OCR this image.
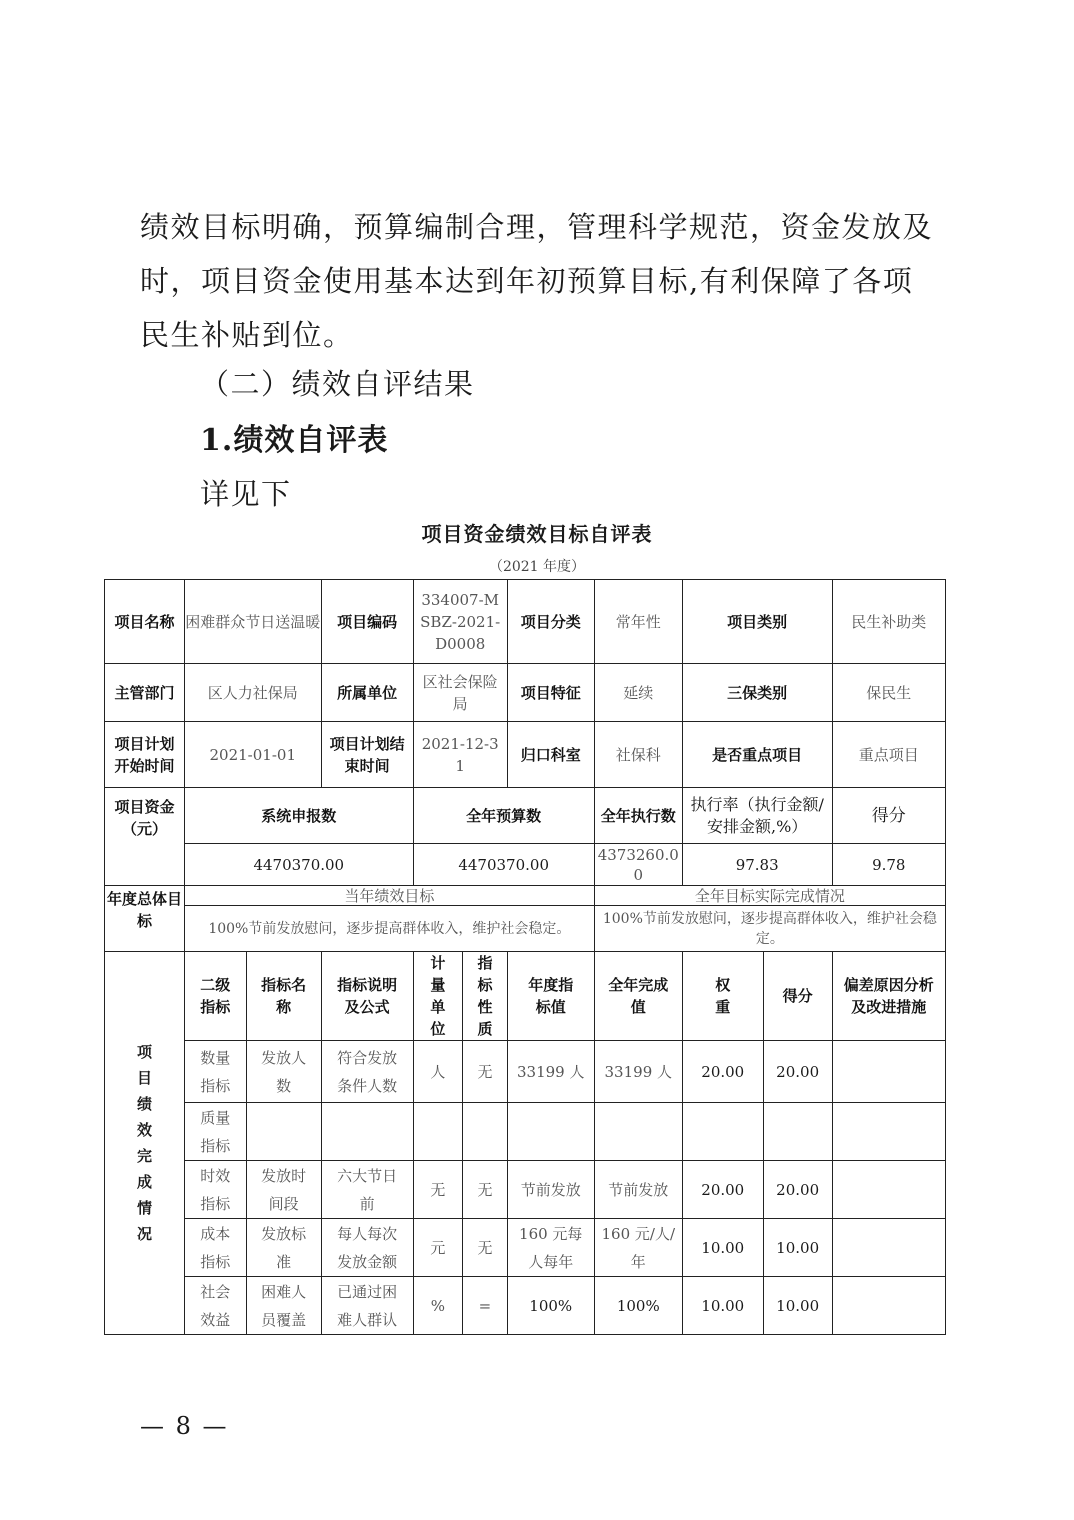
绩效目标明确，预算编制合理，管理科学规范，资金发放及时，项目资金使用基本达到年初预算目标,有利保障了各项民生补贴到位。
（二）绩效自评结果
1.绩效自评表
详见下
项目资金绩效目标自评表
（2021 年度）
项目名称	困难群众节日送温暖		项目编码	334007-MSBZ-2021-D0008		项目分类	常年性	项目类别		民生补助类
主管部门	区人力社保局		所属单位	区社会保险局		项目特征	延续	三保类别		保民生
项目计划开始时间	2021-01-01		项目计划结束时间	2021-12-31		归口科室	社保科	是否重点项目		重点项目
项目资金（元）	系统申报数			全年预算数			全年执行数	执行率（执行金额/安排金额,%）		得分
	4470370.00			4470370.00			4373260.00	97.83		9.78
年度总体目标	当年绩效目标						全年目标实际完成情况			
	100%节前发放慰问，逐步提高群体收入，维护社会稳定。						100%节前发放慰问，逐步提高群体收入，维护社会稳定。			

项目绩效完成情况	二级指标	指标名称	指标说明及公式	计量单位	指标性质	年度指标值	全年完成值	权重	得分	偏差原因分析及改进措施
	数量指标	发放人数	符合发放条件人数	人	无	33199 人	33199 人	20.00	20.00	
	质量指标									
	时效指标	发放时间段	六大节日前	无	无	节前发放	节前发放	20.00	20.00	
	成本指标	发放标准	每人每次发放金额	元	无	160 元每人每年	160 元/人/年	10.00	10.00	
	社会效益	困难人员覆盖	已通过困难人群认	%	=	100%	100%	10.00	10.00	
— 8 —
